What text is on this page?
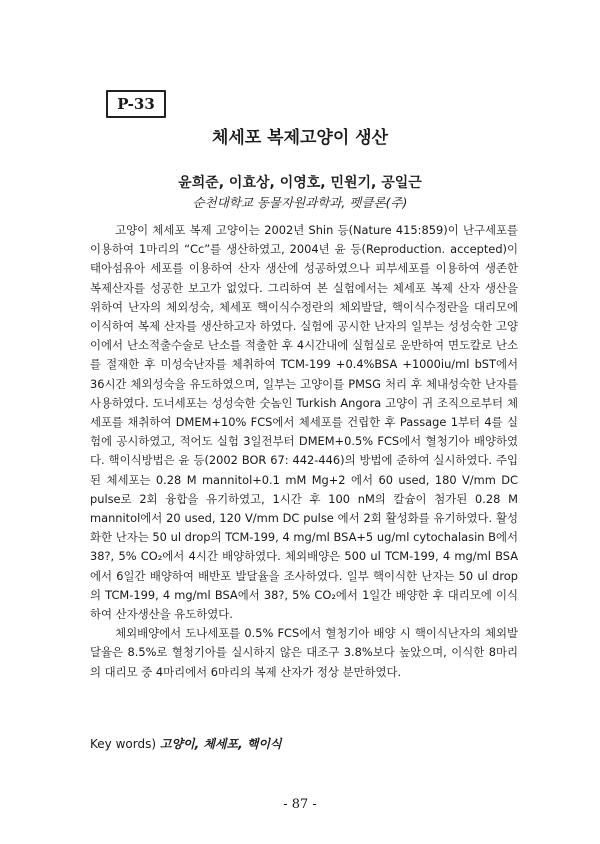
P-33
체세포 복제고양이 생산
윤희준, 이효상, 이영호, 민원기, 공일근
순천대학교 동물자원과학과, 펫클론(주)

고양이 체세포 복제 고양이는 2002년 Shin 등(Nature 415:859)이 난구세포를 이용하여 1마리의 “Cc”를 생산하였고, 2004년 윤 등(Reproduction. accepted)이 태아섬유아 세포를 이용하여 산자 생산에 성공하였으나 피부세포를 이용하여 생존한 복제산자를 성공한 보고가 없었다. 그리하여 본 실험에서는 체세포 복제 산자 생산을 위하여 난자의 체외성숙, 체세포 핵이식수정란의 체외발달, 핵이식수정란을 대리모에 이식하여 복제 산자를 생산하고자 하였다. 실험에 공시한 난자의 일부는 성성숙한 고양이에서 난소적출수술로 난소를 적출한 후 4시간내에 실험실로 운반하여 면도칼로 난소를 절재한 후 미성숙난자를 체취하여 TCM-199 +0.4%BSA +1000iu/ml bST에서 36시간 체외성숙을 유도하였으며, 일부는 고양이를 PMSG 처리 후 체내성숙한 난자를 사용하였다. 도너세포는 성성숙한 숫놈인 Turkish Angora 고양이 귀 조직으로부터 체세포를 채취하여 DMEM+10% FCS에서 체세포를 건립한 후 Passage 1부터 4를 실험에 공시하였고, 적어도 실험 3일전부터 DMEM+0.5% FCS에서 혈청기아 배양하였다. 핵이식방법은 윤 등(2002 BOR 67: 442-446)의 방법에 준하여 실시하였다. 주입된 체세포는 0.28 M mannitol+0.1 mM Mg+2 에서 60 used, 180 V/mm DC pulse로 2회 융합을 유기하였고, 1시간 후 100 nM의 칼슘이 첨가된 0.28 M mannitol에서 20 used, 120 V/mm DC pulse 에서 2회 활성화를 유기하였다. 활성화한 난자는 50 ul drop의 TCM-199, 4 mg/ml BSA+5 ug/ml cytochalasin B에서 38?, 5% CO₂에서 4시간 배양하였다. 체외배양은 500 ul TCM-199, 4 mg/ml BSA에서 6일간 배양하여 배반포 발달율을 조사하였다. 일부 핵이식한 난자는 50 ul drop의 TCM-199, 4 mg/ml BSA에서 38?, 5% CO₂에서 1일간 배양한 후 대리모에 이식하여 산자생산을 유도하였다.

체외배양에서 도나세포를 0.5% FCS에서 혈청기아 배양 시 핵이식난자의 체외발달율은 8.5%로 혈청기아를 실시하지 않은 대조구 3.8%보다 높았으며, 이식한 8마리의 대리모 중 4마리에서 6마리의 복제 산자가 정상 분만하였다.

Key words) 고양이, 체세포, 핵이식
- 87 -
